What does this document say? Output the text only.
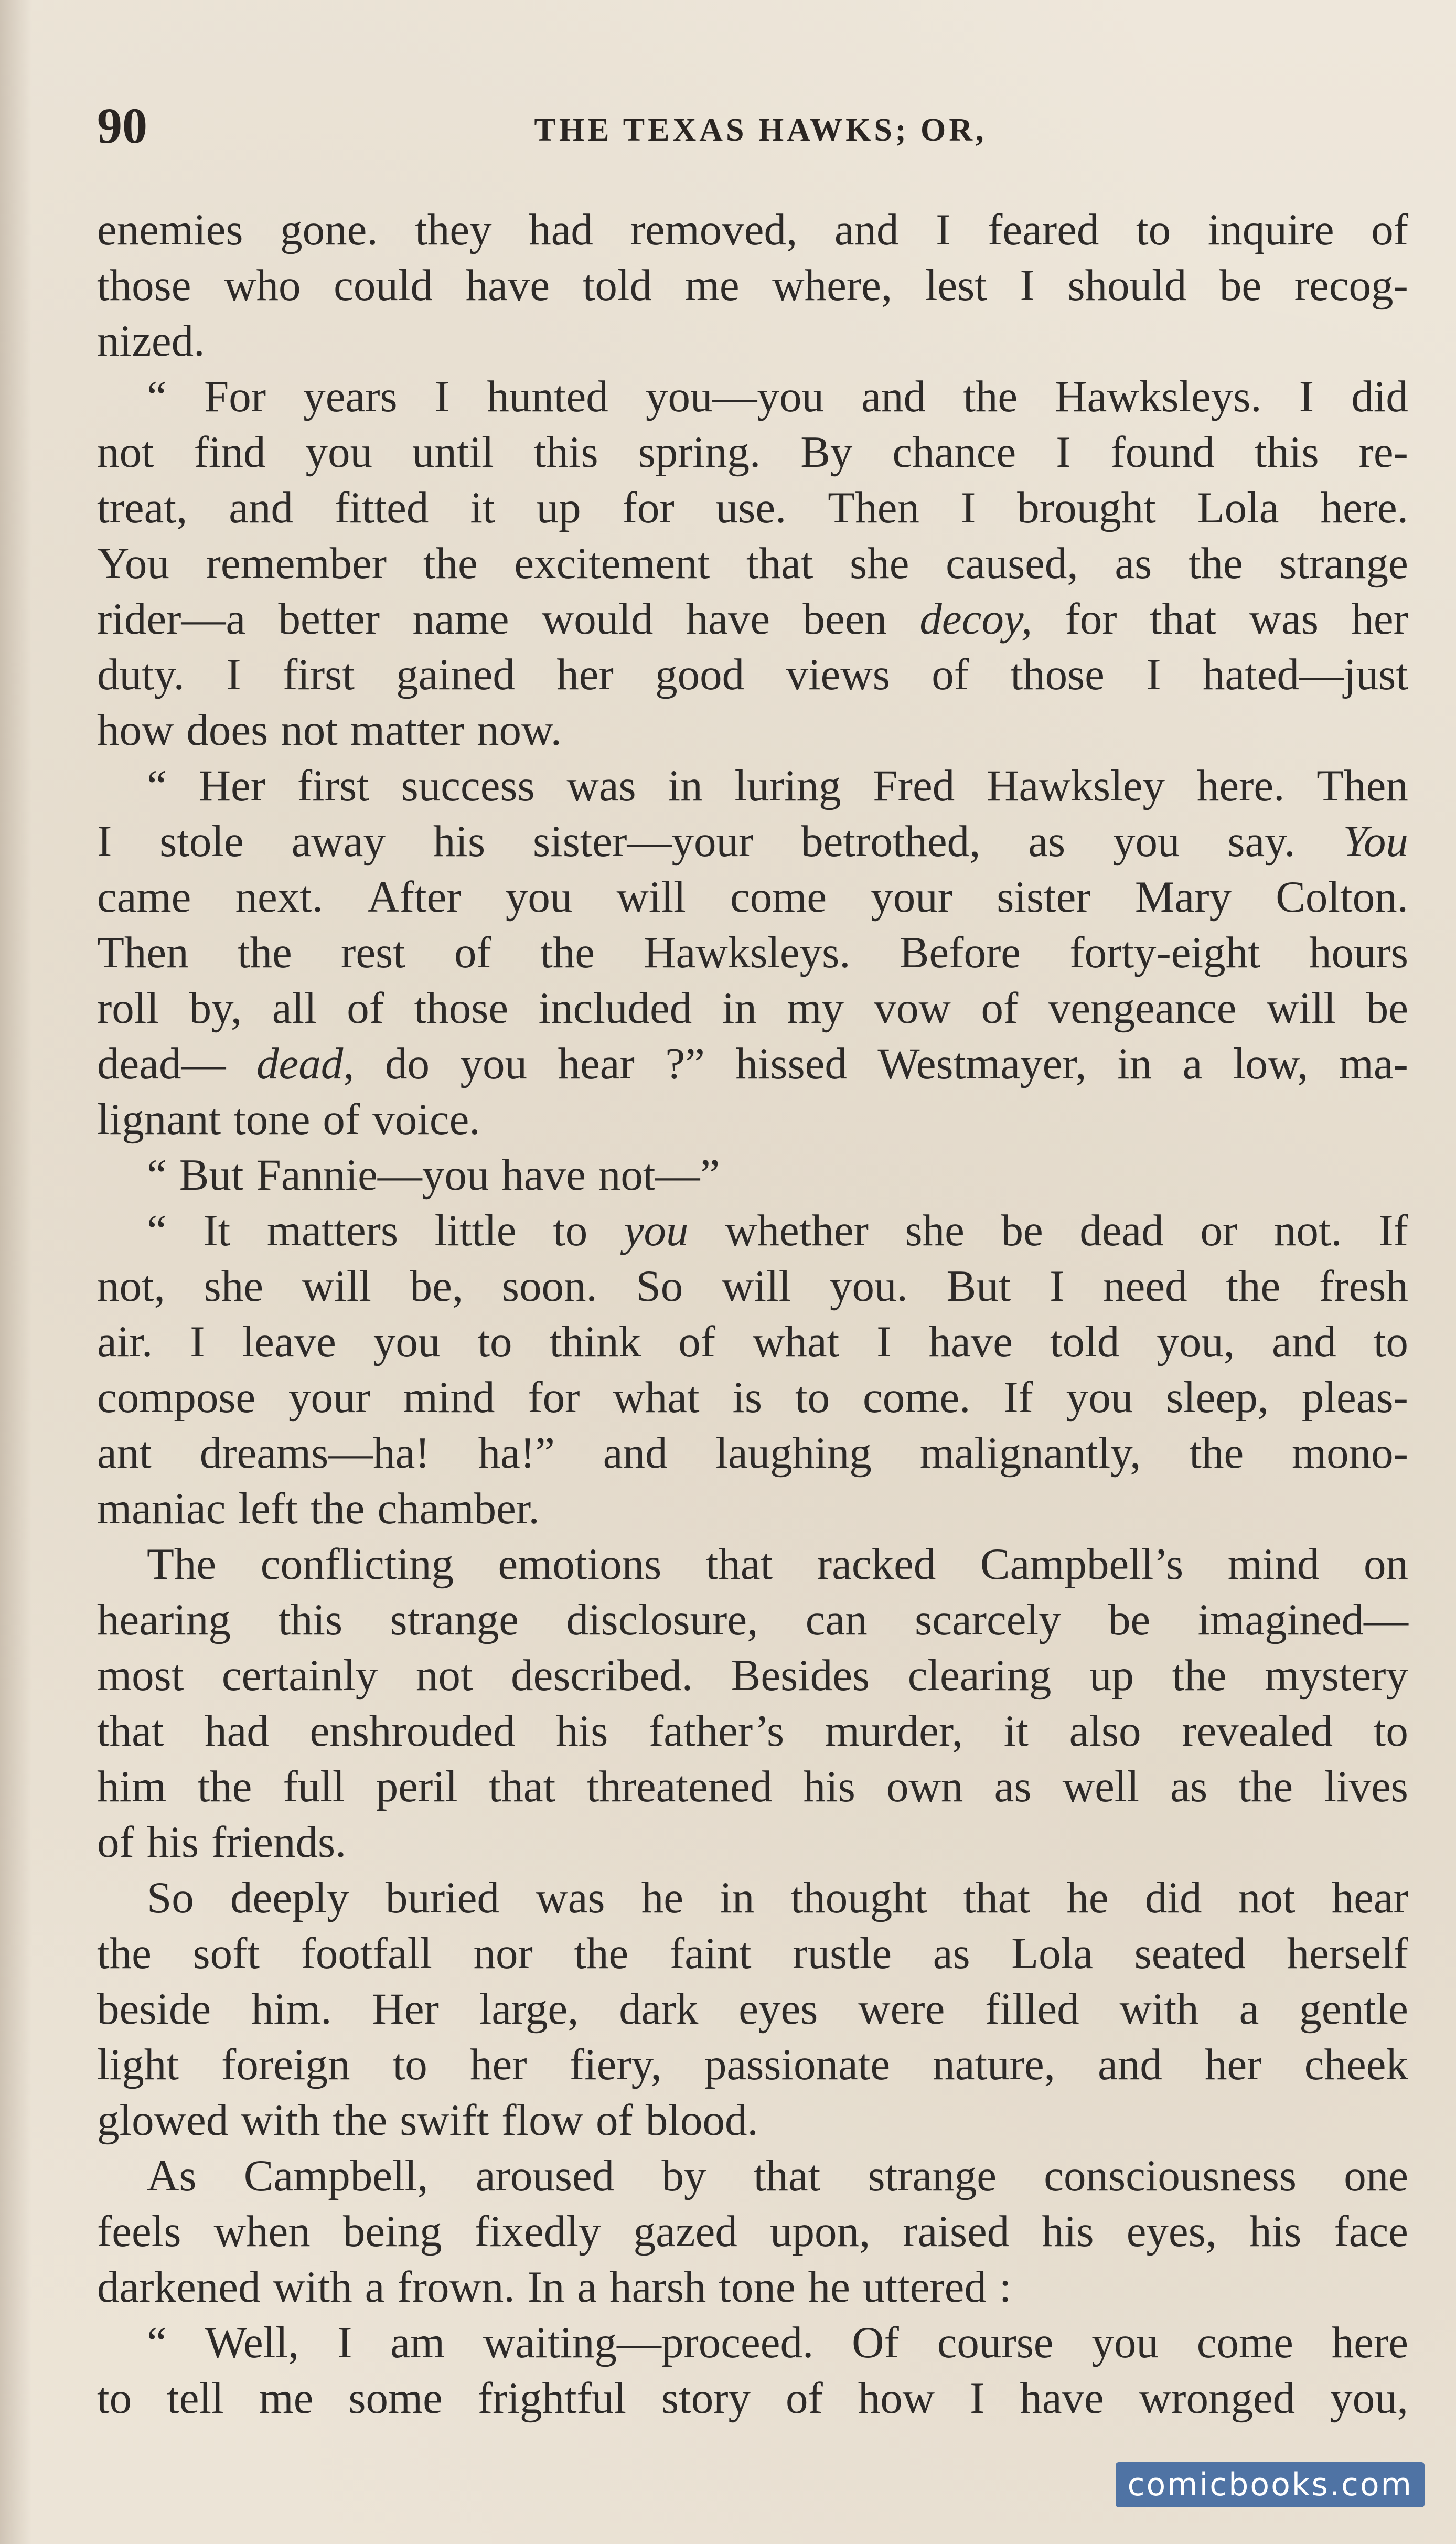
90	THE TEXAS HAWKS; OR,
enemies gone. they had removed, and I feared to inquire of
those who could have told me where, lest I should be recog-
nized.
“ For years I hunted you—you and the Hawksleys. I did
not find you until this spring. By chance I found this re-
treat, and fitted it up for use. Then I brought Lola here.
You remember the excitement that she caused, as the strange
rider—a better name would have been decoy, for that was her
duty. I first gained her good views of those I hated—just
how does not matter now.
“ Her first success was in luring Fred Hawksley here. Then
I stole away his sister—your betrothed, as you say. You
came next. After you will come your sister Mary Colton.
Then the rest of the Hawksleys. Before forty-eight hours
roll by, all of those included in my vow of vengeance will be
dead— dead, do you hear ?” hissed Westmayer, in a low, ma-
lignant tone of voice.
“ But Fannie—you have not—”
“ It matters little to you whether she be dead or not. If
not, she will be, soon. So will you. But I need the fresh
air. I leave you to think of what I have told you, and to
compose your mind for what is to come. If you sleep, pleas-
ant dreams—ha! ha!” and laughing malignantly, the mono-
maniac left the chamber.
The conflicting emotions that racked Campbell’s mind on
hearing this strange disclosure, can scarcely be imagined—
most certainly not described. Besides clearing up the mystery
that had enshrouded his father’s murder, it also revealed to
him the full peril that threatened his own as well as the lives
of his friends.
So deeply buried was he in thought that he did not hear
the soft footfall nor the faint rustle as Lola seated herself
beside him. Her large, dark eyes were filled with a gentle
light foreign to her fiery, passionate nature, and her cheek
glowed with the swift flow of blood.
As Campbell, aroused by that strange consciousness one
feels when being fixedly gazed upon, raised his eyes, his face
darkened with a frown. In a harsh tone he uttered :
“ Well, I am waiting—proceed. Of course you come here
to tell me some frightful story of how I have wronged you,
comicbooks.com
